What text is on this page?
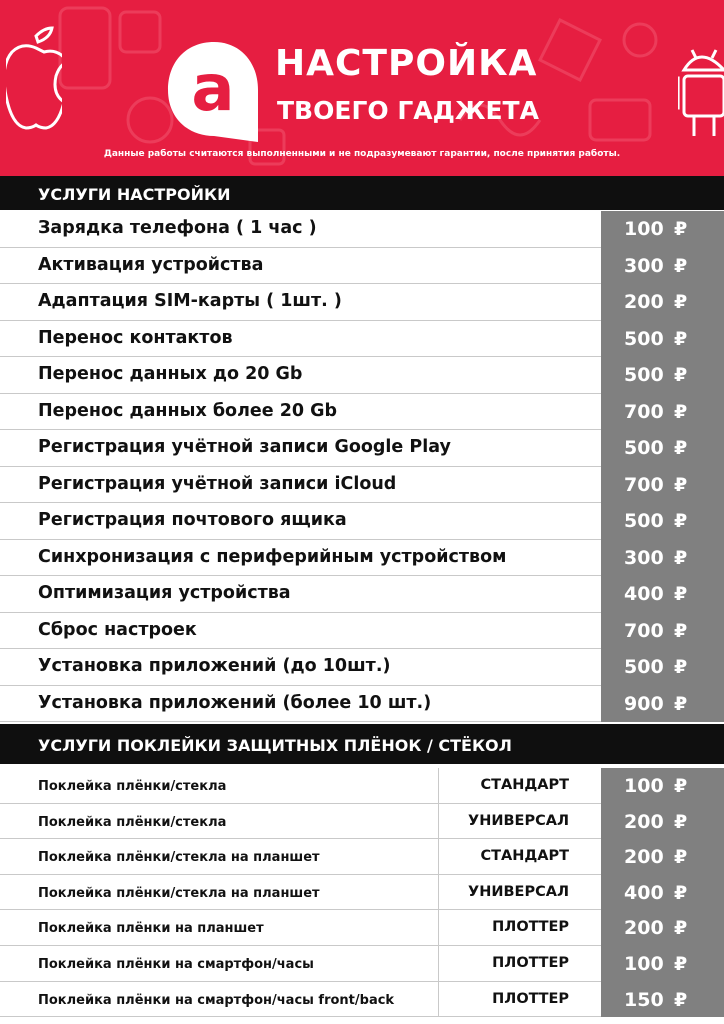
a НАСТРОЙКА
ТВОЕГО ГАДЖЕТА
Данные работы считаются выполненными и не подразумевают гарантии, после принятия работы.
УСЛУГИ НАСТРОЙКИ
Зарядка телефона ( 1 час )	100 ₽
Активация устройства	300 ₽
Адаптация SIM-карты ( 1шт. )	200 ₽
Перенос контактов	500 ₽
Перенос данных до 20 Gb	500 ₽
Перенос данных более 20 Gb	700 ₽
Регистрация учётной записи Google Play	500 ₽
Регистрация учётной записи iCloud	700 ₽
Регистрация почтового ящика	500 ₽
Синхронизация с периферийным устройством	300 ₽
Оптимизация устройства	400 ₽
Сброс настроек	700 ₽
Установка приложений (до 10шт.)	500 ₽
Установка приложений (более 10 шт.)	900 ₽
УСЛУГИ ПОКЛЕЙКИ ЗАЩИТНЫХ ПЛЁНОК / СТЁКОЛ
Поклейка плёнки/стекла	СТАНДАРТ	100 ₽
Поклейка плёнки/стекла	УНИВЕРСАЛ	200 ₽
Поклейка плёнки/стекла на планшет	СТАНДАРТ	200 ₽
Поклейка плёнки/стекла на планшет	УНИВЕРСАЛ	400 ₽
Поклейка плёнки на планшет	ПЛОТТЕР	200 ₽
Поклейка плёнки на смартфон/часы	ПЛОТТЕР	100 ₽
Поклейка плёнки на смартфон/часы front/back	ПЛОТТЕР	150 ₽
